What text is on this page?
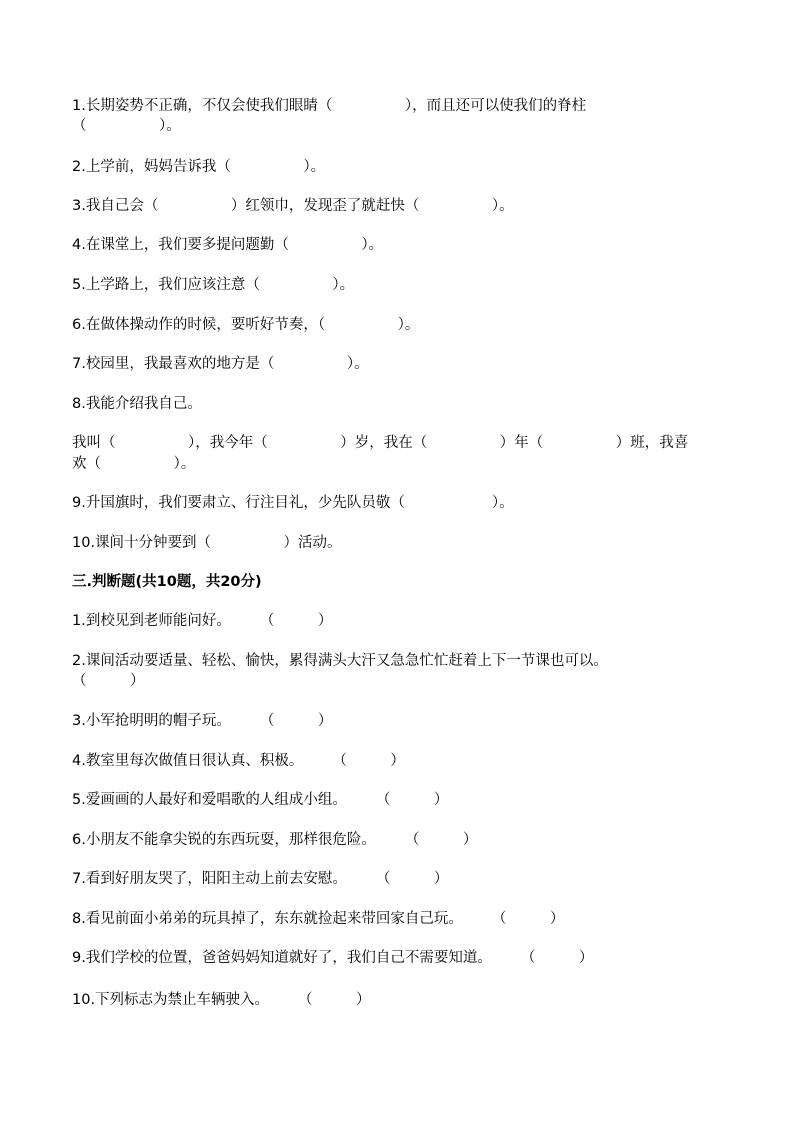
1.长期姿势不正确，不仅会使我们眼睛（　　　　　），而且还可以使我们的脊柱
（　　　　　）。
2.上学前，妈妈告诉我（　　　　　）。
3.我自己会（　　　　　）红领巾，发现歪了就赶快（　　　　　）。
4.在课堂上，我们要多提问题勤（　　　　　）。
5.上学路上，我们应该注意（　　　　　）。
6.在做体操动作的时候，要听好节奏，（　　　　　）。
7.校园里，我最喜欢的地方是（　　　　　）。
8.我能介绍我自己。
我叫（　　　　　），我今年（　　　　　）岁，我在（　　　　　）年（　　　　　）班，我喜
欢（　　　　　）。
9.升国旗时，我们要肃立、行注目礼，少先队员敬（　　　　　　）。
10.课间十分钟要到（　　　　　）活动。
三.判断题(共10题，共20分)
1.到校见到老师能问好。　　　（　　　）
2.课间活动要适量、轻松、愉快，累得满头大汗又急急忙忙赶着上下一节课也可以。
（　　　）
3.小军抢明明的帽子玩。　　　（　　　）
4.教室里每次做值日很认真、积极。　　　（　　　）
5.爱画画的人最好和爱唱歌的人组成小组。　　　（　　　）
6.小朋友不能拿尖锐的东西玩耍，那样很危险。　　　（　　　）
7.看到好朋友哭了，阳阳主动上前去安慰。　　　（　　　）
8.看见前面小弟弟的玩具掉了，东东就捡起来带回家自己玩。　　　（　　　）
9.我们学校的位置，爸爸妈妈知道就好了，我们自己不需要知道。　　　（　　　）
10.下列标志为禁止车辆驶入。　　　（　　　）
